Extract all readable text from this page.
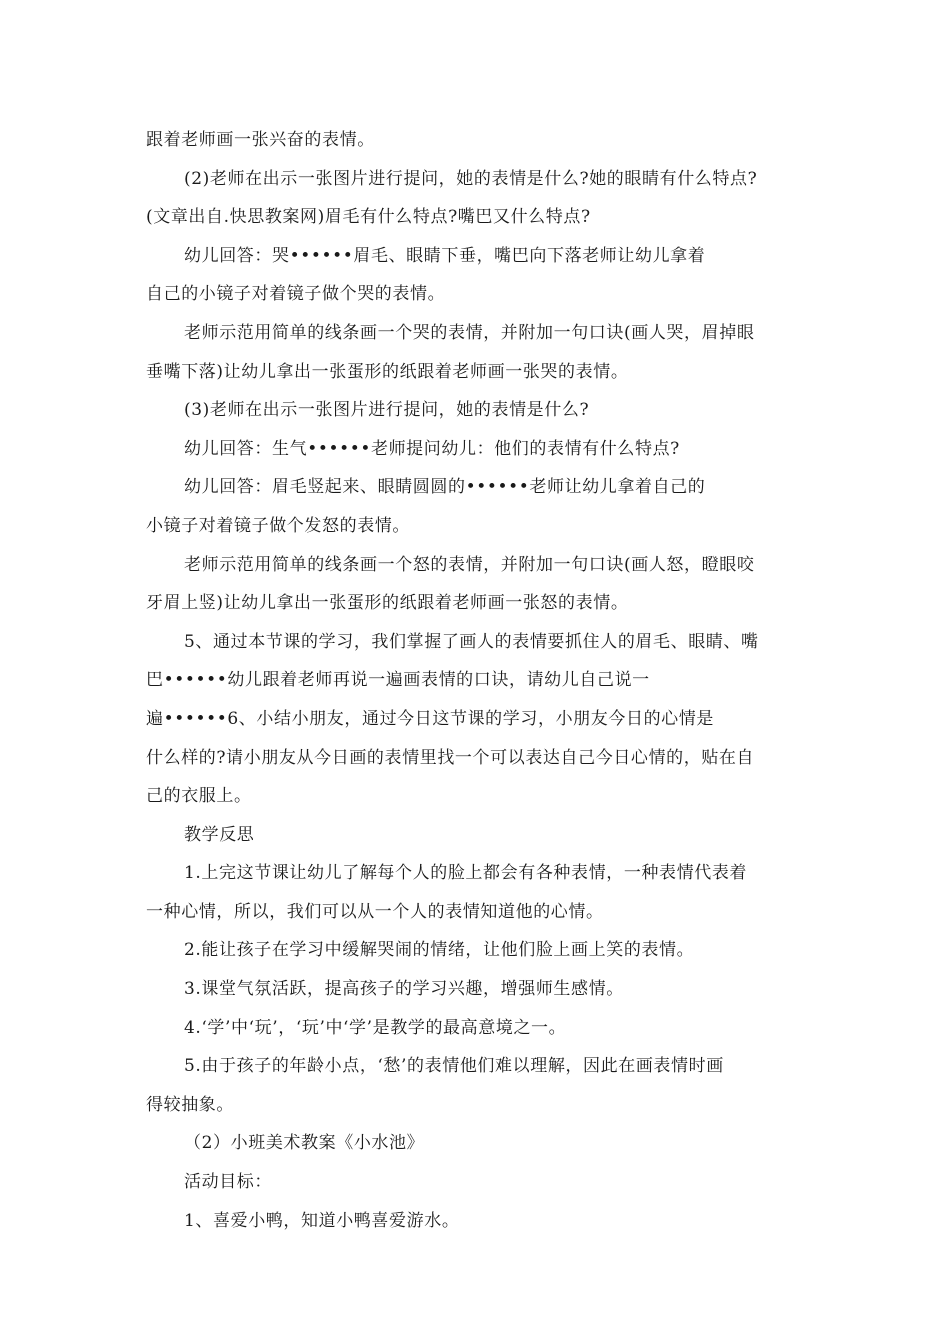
跟着老师画一张兴奋的表情。
(2)老师在出示一张图片进行提问，她的表情是什么?她的眼睛有什么特点?
(文章出自.快思教案网)眉毛有什么特点?嘴巴又什么特点?
幼儿回答：哭••••••眉毛、眼睛下垂，嘴巴向下落老师让幼儿拿着
自己的小镜子对着镜子做个哭的表情。
老师示范用简单的线条画一个哭的表情，并附加一句口诀(画人哭，眉掉眼
垂嘴下落)让幼儿拿出一张蛋形的纸跟着老师画一张哭的表情。
(3)老师在出示一张图片进行提问，她的表情是什么?
幼儿回答：生气••••••老师提问幼儿：他们的表情有什么特点?
幼儿回答：眉毛竖起来、眼睛圆圆的••••••老师让幼儿拿着自己的
小镜子对着镜子做个发怒的表情。
老师示范用简单的线条画一个怒的表情，并附加一句口诀(画人怒，瞪眼咬
牙眉上竖)让幼儿拿出一张蛋形的纸跟着老师画一张怒的表情。
5、通过本节课的学习，我们掌握了画人的表情要抓住人的眉毛、眼睛、嘴
巴••••••幼儿跟着老师再说一遍画表情的口诀，请幼儿自己说一
遍••••••6、小结小朋友，通过今日这节课的学习，小朋友今日的心情是
什么样的?请小朋友从今日画的表情里找一个可以表达自己今日心情的，贴在自
己的衣服上。
教学反思
1.上完这节课让幼儿了解每个人的脸上都会有各种表情，一种表情代表着
一种心情，所以，我们可以从一个人的表情知道他的心情。
2.能让孩子在学习中缓解哭闹的情绪，让他们脸上画上笑的表情。
3.课堂气氛活跃，提高孩子的学习兴趣，增强师生感情。
4.‘学’中‘玩’，‘玩’中‘学’是教学的最高意境之一。
5.由于孩子的年龄小点，‘愁’的表情他们难以理解，因此在画表情时画
得较抽象。
（2）小班美术教案《小水池》
活动目标：
1、喜爱小鸭，知道小鸭喜爱游水。
